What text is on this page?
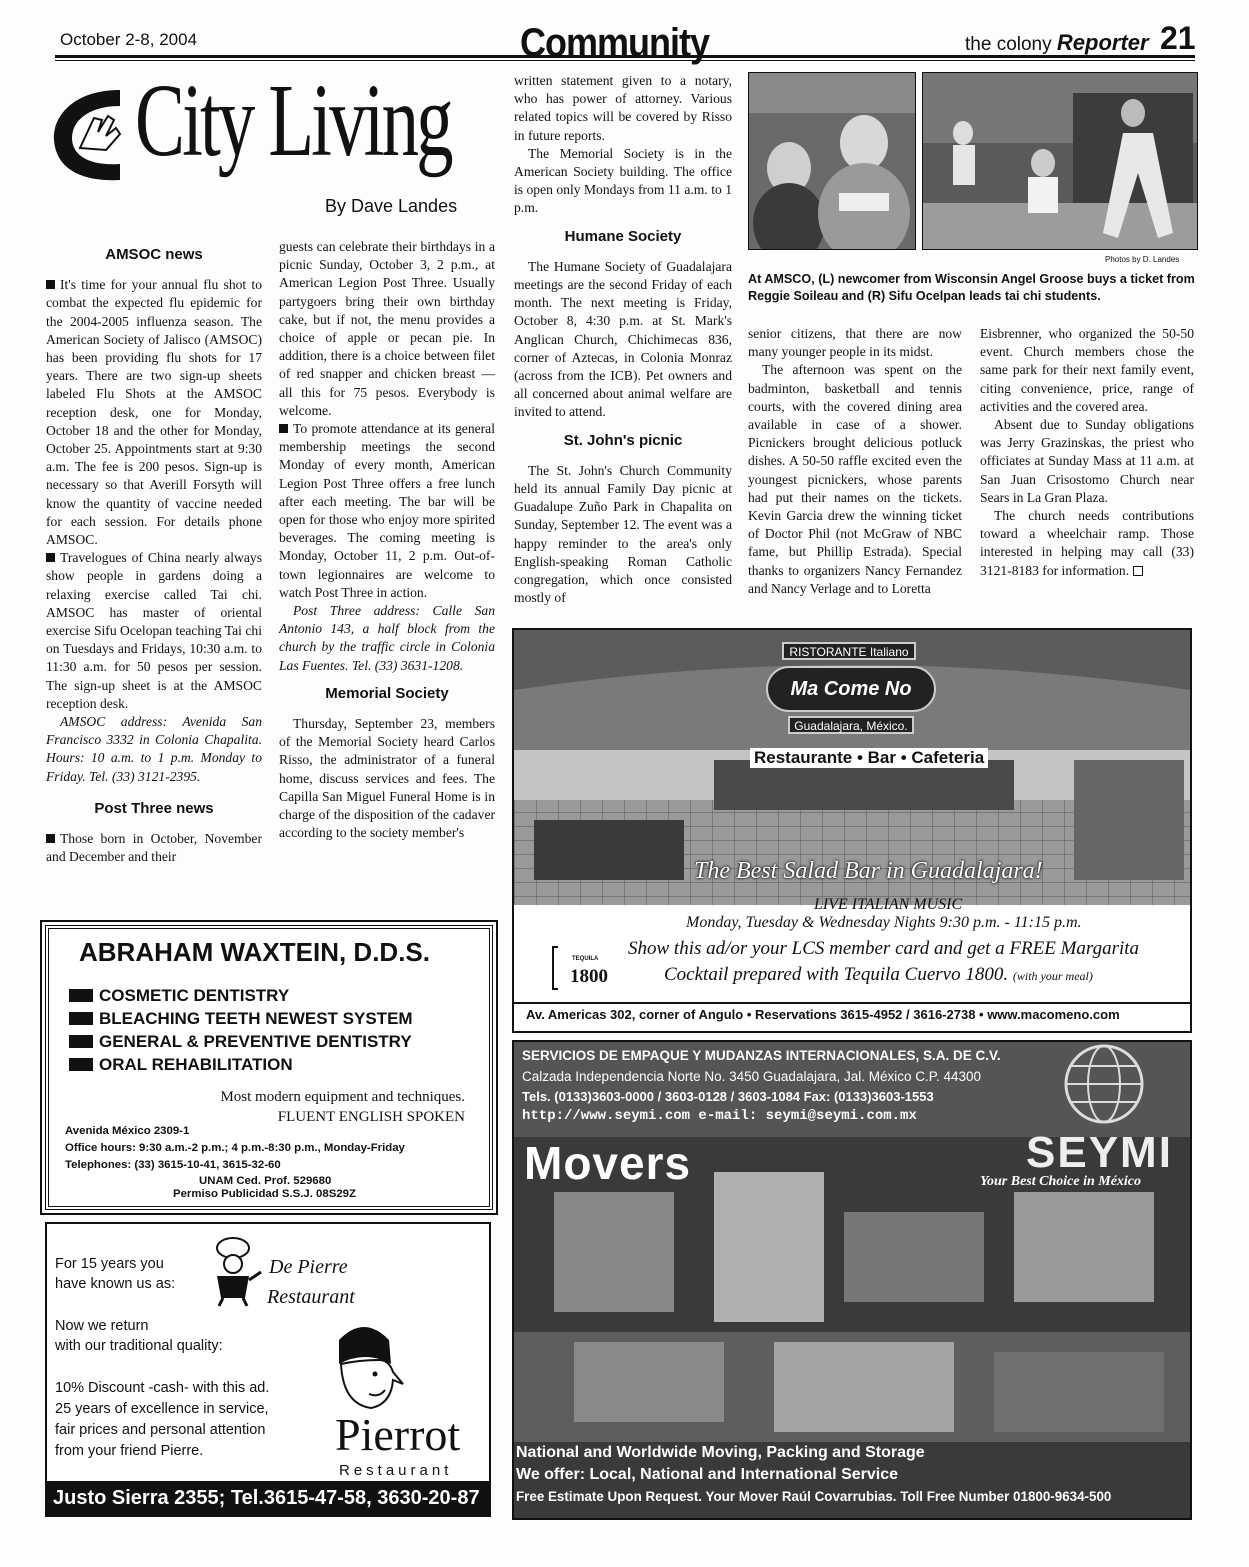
October 2-8, 2004	Community	the colony Reporter 21
City Living
By Dave Landes
AMSOC news

It's time for your annual flu shot to combat the expected flu epidemic for the 2004-2005 influenza season. The American Society of Jalisco (AMSOC) has been providing flu shots for 17 years. There are two sign-up sheets labeled Flu Shots at the AMSOC reception desk, one for Monday, October 18 and the other for Monday, October 25. Appointments start at 9:30 a.m. The fee is 200 pesos. Sign-up is necessary so that Averill Forsyth will know the quantity of vaccine needed for each session. For details phone AMSOC.

Travelogues of China nearly always show people in gardens doing a relaxing exercise called Tai chi. AMSOC has master of oriental exercise Sifu Ocelopan teaching Tai chi on Tuesdays and Fridays, 10:30 a.m. to 11:30 a.m. for 50 pesos per session. The sign-up sheet is at the AMSOC reception desk.

AMSOC address: Avenida San Francisco 3332 in Colonia Chapalita. Hours: 10 a.m. to 1 p.m. Monday to Friday. Tel. (33) 3121-2395.

Post Three news

Those born in October, November and December and their

guests can celebrate their birthdays in a picnic Sunday, October 3, 2 p.m., at American Legion Post Three. Usually partygoers bring their own birthday cake, but if not, the menu provides a choice of apple or pecan pie. In addition, there is a choice between filet of red snapper and chicken breast — all this for 75 pesos. Everybody is welcome.

To promote attendance at its general membership meetings the second Monday of every month, American Legion Post Three offers a free lunch after each meeting. The bar will be open for those who enjoy more spirited beverages. The coming meeting is Monday, October 11, 2 p.m. Out-of-town legionnaires are welcome to watch Post Three in action.

Post Three address: Calle San Antonio 143, a half block from the church by the traffic circle in Colonia Las Fuentes. Tel. (33) 3631-1208.

Memorial Society

Thursday, September 23, members of the Memorial Society heard Carlos Risso, the administrator of a funeral home, discuss services and fees. The Capilla San Miguel Funeral Home is in charge of the disposition of the cadaver according to the society member's

written statement given to a notary, who has power of attorney. Various related topics will be covered by Risso in future reports.

The Memorial Society is in the American Society building. The office is open only Mondays from 11 a.m. to 1 p.m.

Humane Society

The Humane Society of Guadalajara meetings are the second Friday of each month. The next meeting is Friday, October 8, 4:30 p.m. at St. Mark's Anglican Church, Chichimecas 836, corner of Aztecas, in Colonia Monraz (across from the ICB). Pet owners and all concerned about animal welfare are invited to attend.

St. John's picnic

The St. John's Church Community held its annual Family Day picnic at Guadalupe Zuño Park in Chapalita on Sunday, September 12. The event was a happy reminder to the area's only English-speaking Roman Catholic congregation, which once consisted mostly of

Photos by D. Landes
At AMSCO, (L) newcomer from Wisconsin Angel Groose buys a ticket from Reggie Soileau and (R) Sifu Ocelpan leads tai chi students.

senior citizens, that there are now many younger people in its midst.

The afternoon was spent on the badminton, basketball and tennis courts, with the covered dining area available in case of a shower. Picnickers brought delicious potluck dishes. A 50-50 raffle excited even the youngest picnickers, whose parents had put their names on the tickets. Kevin Garcia drew the winning ticket of Doctor Phil (not McGraw of NBC fame, but Phillip Estrada). Special thanks to organizers Nancy Fernandez and Nancy Verlage and to Loretta

Eisbrenner, who organized the 50-50 event. Church members chose the same park for their next family event, citing convenience, price, range of activities and the covered area.

Absent due to Sunday obligations was Jerry Grazinskas, the priest who officiates at Sunday Mass at 11 a.m. at San Juan Crisostomo Church near Sears in La Gran Plaza.

The church needs contributions toward a wheelchair ramp. Those interested in helping may call (33) 3121-8183 for information.

ABRAHAM WAXTEIN, D.D.S.
COSMETIC DENTISTRY
BLEACHING TEETH NEWEST SYSTEM
GENERAL & PREVENTIVE DENTISTRY
ORAL REHABILITATION
Most modern equipment and techniques.
FLUENT ENGLISH SPOKEN
Avenida México 2309-1
Office hours: 9:30 a.m.-2 p.m.; 4 p.m.-8:30 p.m., Monday-Friday
Telephones: (33) 3615-10-41, 3615-32-60
UNAM Ced. Prof. 529680
Permiso Publicidad S.S.J. 08S29Z
For 15 years you
have known us as:
De Pierre
Restaurant
Now we return
with our traditional quality:
10% Discount -cash- with this ad.
25 years of excellence in service,
fair prices and personal attention
from your friend Pierre.	Pierrot
Restaurant
Justo Sierra 2355; Tel.3615-47-58, 3630-20-87
RISTORANTE Italiano
Ma Come No
Guadalajara, México.
Restaurante • Bar • Cafeteria
The Best Salad Bar in Guadalajara!
LIVE ITALIAN MUSIC
Monday, Tuesday & Wednesday Nights 9:30 p.m. - 11:15 p.m.
Show this ad/or your LCS member card and get a FREE Margarita
Cocktail prepared with Tequila Cuervo 1800. (with your meal)
TEQUILA
1800
Av. Americas 302, corner of Angulo • Reservations 3615-4952 / 3616-2738 • www.macomeno.com
SERVICIOS DE EMPAQUE Y MUDANZAS INTERNACIONALES, S.A. DE C.V.
Calzada Independencia Norte No. 3450 Guadalajara, Jal. México C.P. 44300
Tels. (0133)3603-0000 / 3603-0128 / 3603-1084 Fax: (0133)3603-1553
http://www.seymi.com e-mail: seymi@seymi.com.mx
Movers	SEYMI
Your Best Choice in México
National and Worldwide Moving, Packing and Storage
We offer: Local, National and International Service
Free Estimate Upon Request. Your Mover Raúl Covarrubias. Toll Free Number 01800-9634-500
